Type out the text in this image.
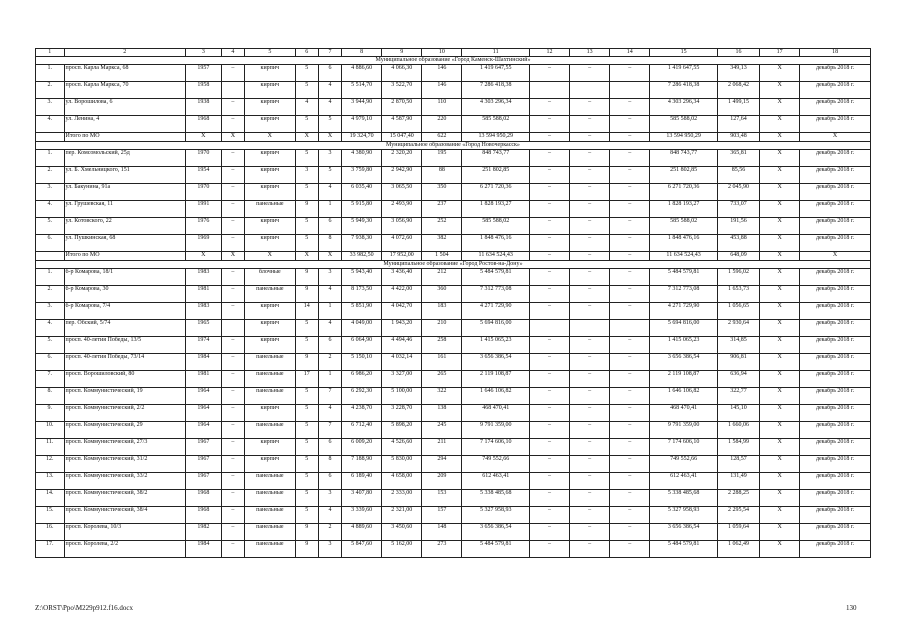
1	2	3	4	5	6	7	8	9	10	11	12	13	14	15	16	17	18
Муниципальное образование «Город Каменск-Шахтинский»																	
1.	просп. Карла Маркса, 68	1957	–	кирпич	5	6	4 886,60	4 066,30	146	1 419 647,55	–	–	–	1 419 647,55	349,13	X	декабрь 2018 г.
2.	просп. Карла Маркса, 70	1958		кирпич	5	4	5 514,70	3 522,70	146	7 286 418,38				7 286 418,38	2 068,42	X	декабрь 2018 г.
3.	ул. Ворошилова, 6	1938	–	кирпич	4	4	3 944,90	2 870,50	110	4 303 296,34	–	–	–	4 303 296,34	1 499,15	X	декабрь 2018 г.
4.	ул. Ленина, 4	1968	–	кирпич	5	5	4 979,10	4 587,90	220	585 588,02	–	–	–	585 588,02	127,64	X	декабрь 2018 г.
	Итого по МО	X	X	X	X	X	19 324,70	15 047,40	622	13 594 950,29	–	–	–	13 594 950,29	903,48	X	X
Муниципальное образование «Город Новочеркасск»																	
1.	пер. Комсомольский, 25д	1970	–	кирпич	5	3	4 380,90	2 320,20	195	848 743,77	–	–	–	848 743,77	365,81	X	декабрь 2018 г.
2.	ул. Б. Хмельницкого, 151	1954	–	кирпич	3	5	3 759,80	2 942,90	88	251 802,85	–	–	–	251 802,85	85,56	X	декабрь 2018 г.
3.	ул. Бакунина, 91а	1970	–	кирпич	5	4	6 035,40	3 065,50	350	6 271 720,36	–	–	–	6 271 720,36	2 045,90	X	декабрь 2018 г.
4.	ул. Грушевская, 11	1991	–	панельные	9	1	5 915,80	2 493,90	237	1 828 193,27	–	–	–	1 828 193,27	733,07	X	декабрь 2018 г.
5.	ул. Котовского, 22	1976	–	кирпич	5	6	5 949,30	3 056,90	252	585 588,02	–	–	–	585 588,02	191,56	X	декабрь 2018 г.
6.	ул. Пушкинская, 68	1969	–	кирпич	5	8	7 938,30	4 072,60	382	1 848 476,16	–	–	–	1 848 476,16	453,88	X	декабрь 2018 г.
	Итого по МО	X	X	X	X	X	33 982,50	17 952,00	1 504	11 634 524,43	–	–	–	11 634 524,43	648,09	X	X
Муниципальное образование «Город Ростов-на-Дону»																	
1.	б-р Комарова, 18/1	1983	–	блочные	9	3	5 943,40	3 436,40	212	5 484 579,81	–	–	–	5 484 579,81	1 596,02	X	декабрь 2018 г.
2.	б-р Комарова, 30	1981	–	панельные	9	4	8 173,50	4 422,00	360	7 312 773,08	–	–	–	7 312 773,08	1 653,73	X	декабрь 2018 г.
3.	б-р Комарова, 7/4	1983	–	кирпич	14	1	5 851,90	4 042,70	183	4 271 729,90	–	–	–	4 271 729,90	1 056,65	X	декабрь 2018 г.
4.	пер. Обский, 5/74	1965		кирпич	5	4	4 049,00	1 943,20	210	5 694 816,00				5 694 816,00	2 930,64	X	декабрь 2018 г.
5.	просп. 40-летия Победы, 13/5	1974	–	кирпич	5	6	6 064,90	4 494,46	258	1 415 065,23	–	–	–	1 415 065,23	314,85	X	декабрь 2018 г.
6.	просп. 40-летия Победы, 73/14	1984	–	панельные	9	2	5 150,10	4 032,14	161	3 656 386,54	–	–	–	3 656 386,54	906,81	X	декабрь 2018 г.
7.	просп. Ворошиловский, 80	1981	–	панельные	17	1	6 986,20	3 327,00	265	2 119 108,87	–	–	–	2 119 108,87	636,94	X	декабрь 2018 г.
8.	просп. Коммунистический, 19	1964	–	панельные	5	7	6 292,30	5 100,00	322	1 646 106,82	–	–	–	1 646 106,82	322,77	X	декабрь 2018 г.
9.	просп. Коммунистический, 2/2	1964	–	кирпич	5	4	4 238,70	3 228,70	138	468 470,41	–	–	–	468 470,41	145,10	X	декабрь 2018 г.
10.	просп. Коммунистический, 29	1964	–	панельные	5	7	6 712,40	5 898,20	245	9 791 359,00	–	–	–	9 791 359,00	1 660,06	X	декабрь 2018 г.
11.	просп. Коммунистический, 27/3	1967	–	кирпич	5	6	6 009,20	4 526,60	211	7 174 606,10	–	–	–	7 174 606,10	1 584,99	X	декабрь 2018 г.
12.	просп. Коммунистический, 31/2	1967	–	кирпич	5	8	7 188,90	5 830,00	294	749 552,66	–	–	–	749 552,66	128,57	X	декабрь 2018 г.
13.	просп. Коммунистический, 33/2	1967	–	панельные	5	6	6 189,40	4 658,00	209	612 463,41	–	–	–	612 463,41	131,49	X	декабрь 2018 г.
14.	просп. Коммунистический, 38/2	1968	–	панельные	5	3	3 407,80	2 333,00	153	5 338 485,68	–	–	–	5 338 485,68	2 288,25	X	декабрь 2018 г.
15.	просп. Коммунистический, 38/4	1968	–	панельные	5	4	3 339,60	2 321,00	157	5 327 958,93	–	–	–	5 327 958,93	2 295,54	X	декабрь 2018 г.
16.	просп. Королева, 10/3	1982	–	панельные	9	2	4 889,60	3 450,60	148	3 656 386,54	–	–	–	3 656 386,54	1 059,64	X	декабрь 2018 г.
17.	просп. Королева, 2/2	1984	–	панельные	9	3	5 847,60	5 162,00	273	5 484 579,81	–	–	–	5 484 579,81	1 062,49	X	декабрь 2018 г.
Z:\ORST\Ppo\M229p912.f16.docx	130
